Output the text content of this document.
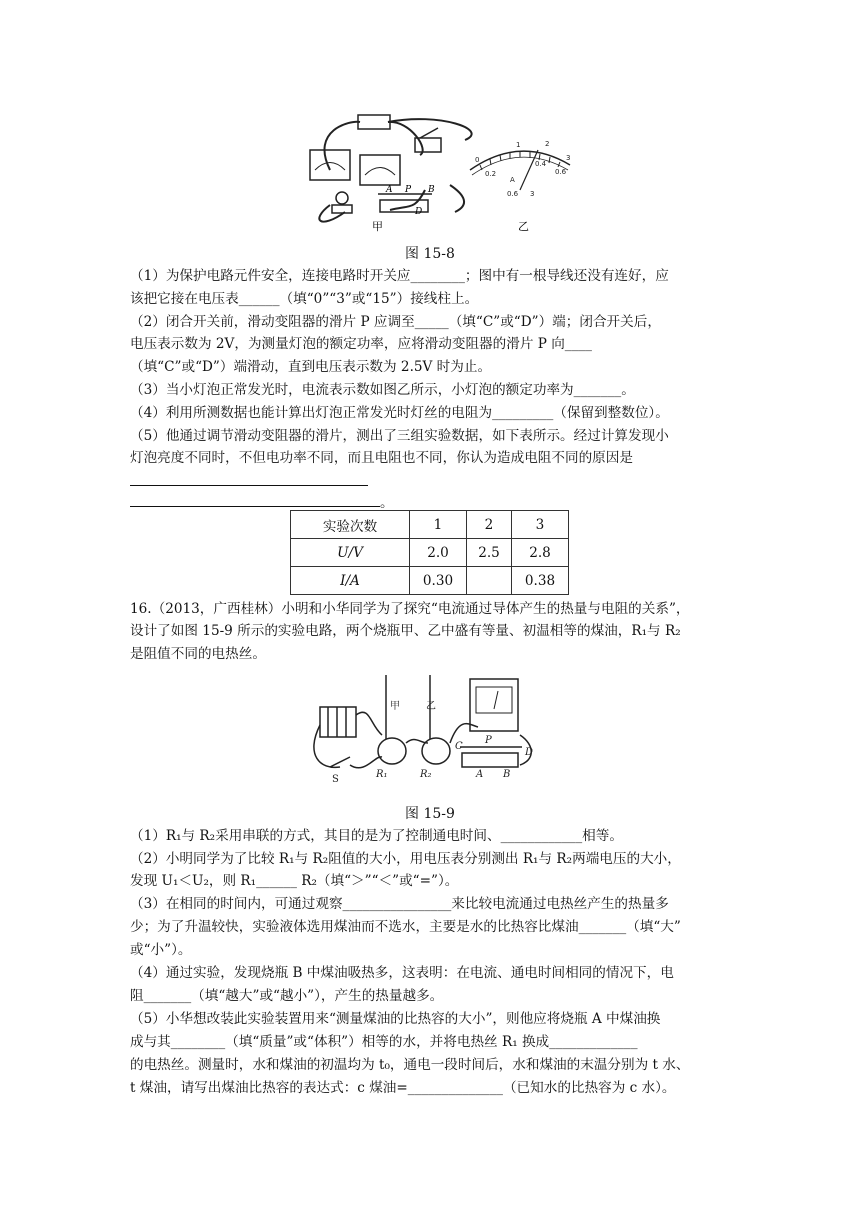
A P B
D
甲
0
1	2
3
0.2
0.4
0.6
A
0.6 3
乙
图 15-8
（1）为保护电路元件安全，连接电路时开关应________；图中有一根导线还没有连好，应
该把它接在电压表______（填“0”“3”或“15”）接线柱上。
（2）闭合开关前，滑动变阻器的滑片 P 应调至_____（填“C”或“D”）端；闭合开关后，
电压表示数为 2V，为测量灯泡的额定功率，应将滑动变阻器的滑片 P 向____
（填“C”或“D”）端滑动，直到电压表示数为 2.5V 时为止。
（3）当小灯泡正常发光时，电流表示数如图乙所示，小灯泡的额定功率为_______。
（4）利用所测数据也能计算出灯泡正常发光时灯丝的电阻为_________（保留到整数位）。
（5）他通过调节滑动变阻器的滑片，测出了三组实验数据，如下表所示。经过计算发现小
灯泡亮度不同时，不但电功率不同，而且电阻也不同，你认为造成电阻不同的原因是
。
实验次数	1	2	3
U/V	2.0	2.5	2.8
I/A	0.30		0.38
16.（2013，广西桂林）小明和小华同学为了探究“电流通过导体产生的热量与电阻的关系”，
设计了如图 15-9 所示的实验电路，两个烧瓶甲、乙中盛有等量、初温相等的煤油，R₁与 R₂
是阻值不同的电热丝。
甲	乙
S	R₁	R₂
C
P
D
A B
图 15-9
（1）R₁与 R₂采用串联的方式，其目的是为了控制通电时间、____________相等。
（2）小明同学为了比较 R₁与 R₂阻值的大小，用电压表分别测出 R₁与 R₂两端电压的大小，
发现 U₁＜U₂，则 R₁______ R₂（填“＞”“＜”或“=”）。
（3）在相同的时间内，可通过观察________________来比较电流通过电热丝产生的热量多
少；为了升温较快，实验液体选用煤油而不选水，主要是水的比热容比煤油_______（填“大”
或“小”）。
（4）通过实验，发现烧瓶 B 中煤油吸热多，这表明：在电流、通电时间相同的情况下，电
阻_______（填“越大”或“越小”），产生的热量越多。
（5）小华想改装此实验装置用来“测量煤油的比热容的大小”，则他应将烧瓶 A 中煤油换
成与其________（填“质量”或“体积”）相等的水，并将电热丝 R₁ 换成_____________
的电热丝。测量时，水和煤油的初温均为 t₀，通电一段时间后，水和煤油的末温分别为 t 水、
t 煤油，请写出煤油比热容的表达式：c 煤油=______________（已知水的比热容为 c 水）。
